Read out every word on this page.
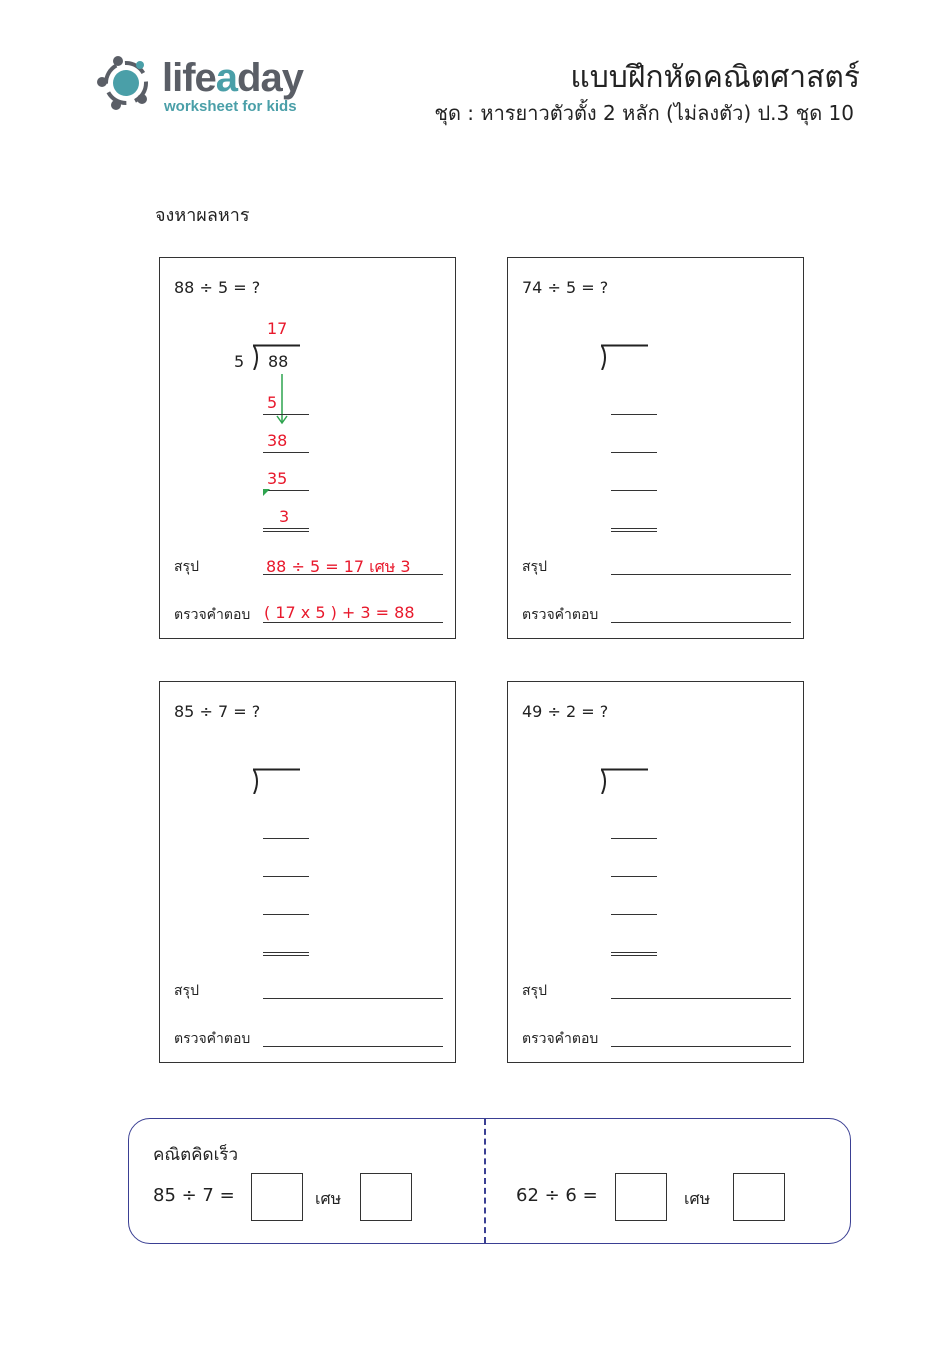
lifeaday
worksheet for kids
แบบฝึกหัดคณิตศาสตร์
ชุด : หารยาวตัวตั้ง 2 หลัก (ไม่ลงตัว) ป.3 ชุด 10
จงหาผลหาร
88 ÷ 5 = ?
17
5 88
5
38
35
3
สรุป	88 ÷ 5 = 17 เศษ 3
ตรวจคำตอบ ( 17 x 5 ) + 3 = 88
74 ÷ 5 = ?
สรุป
ตรวจคำตอบ
85 ÷ 7 = ?
สรุป
ตรวจคำตอบ
49 ÷ 2 = ?
สรุป
ตรวจคำตอบ
คณิตคิดเร็ว
85 ÷ 7 =	เศษ	62 ÷ 6 =	เศษ
